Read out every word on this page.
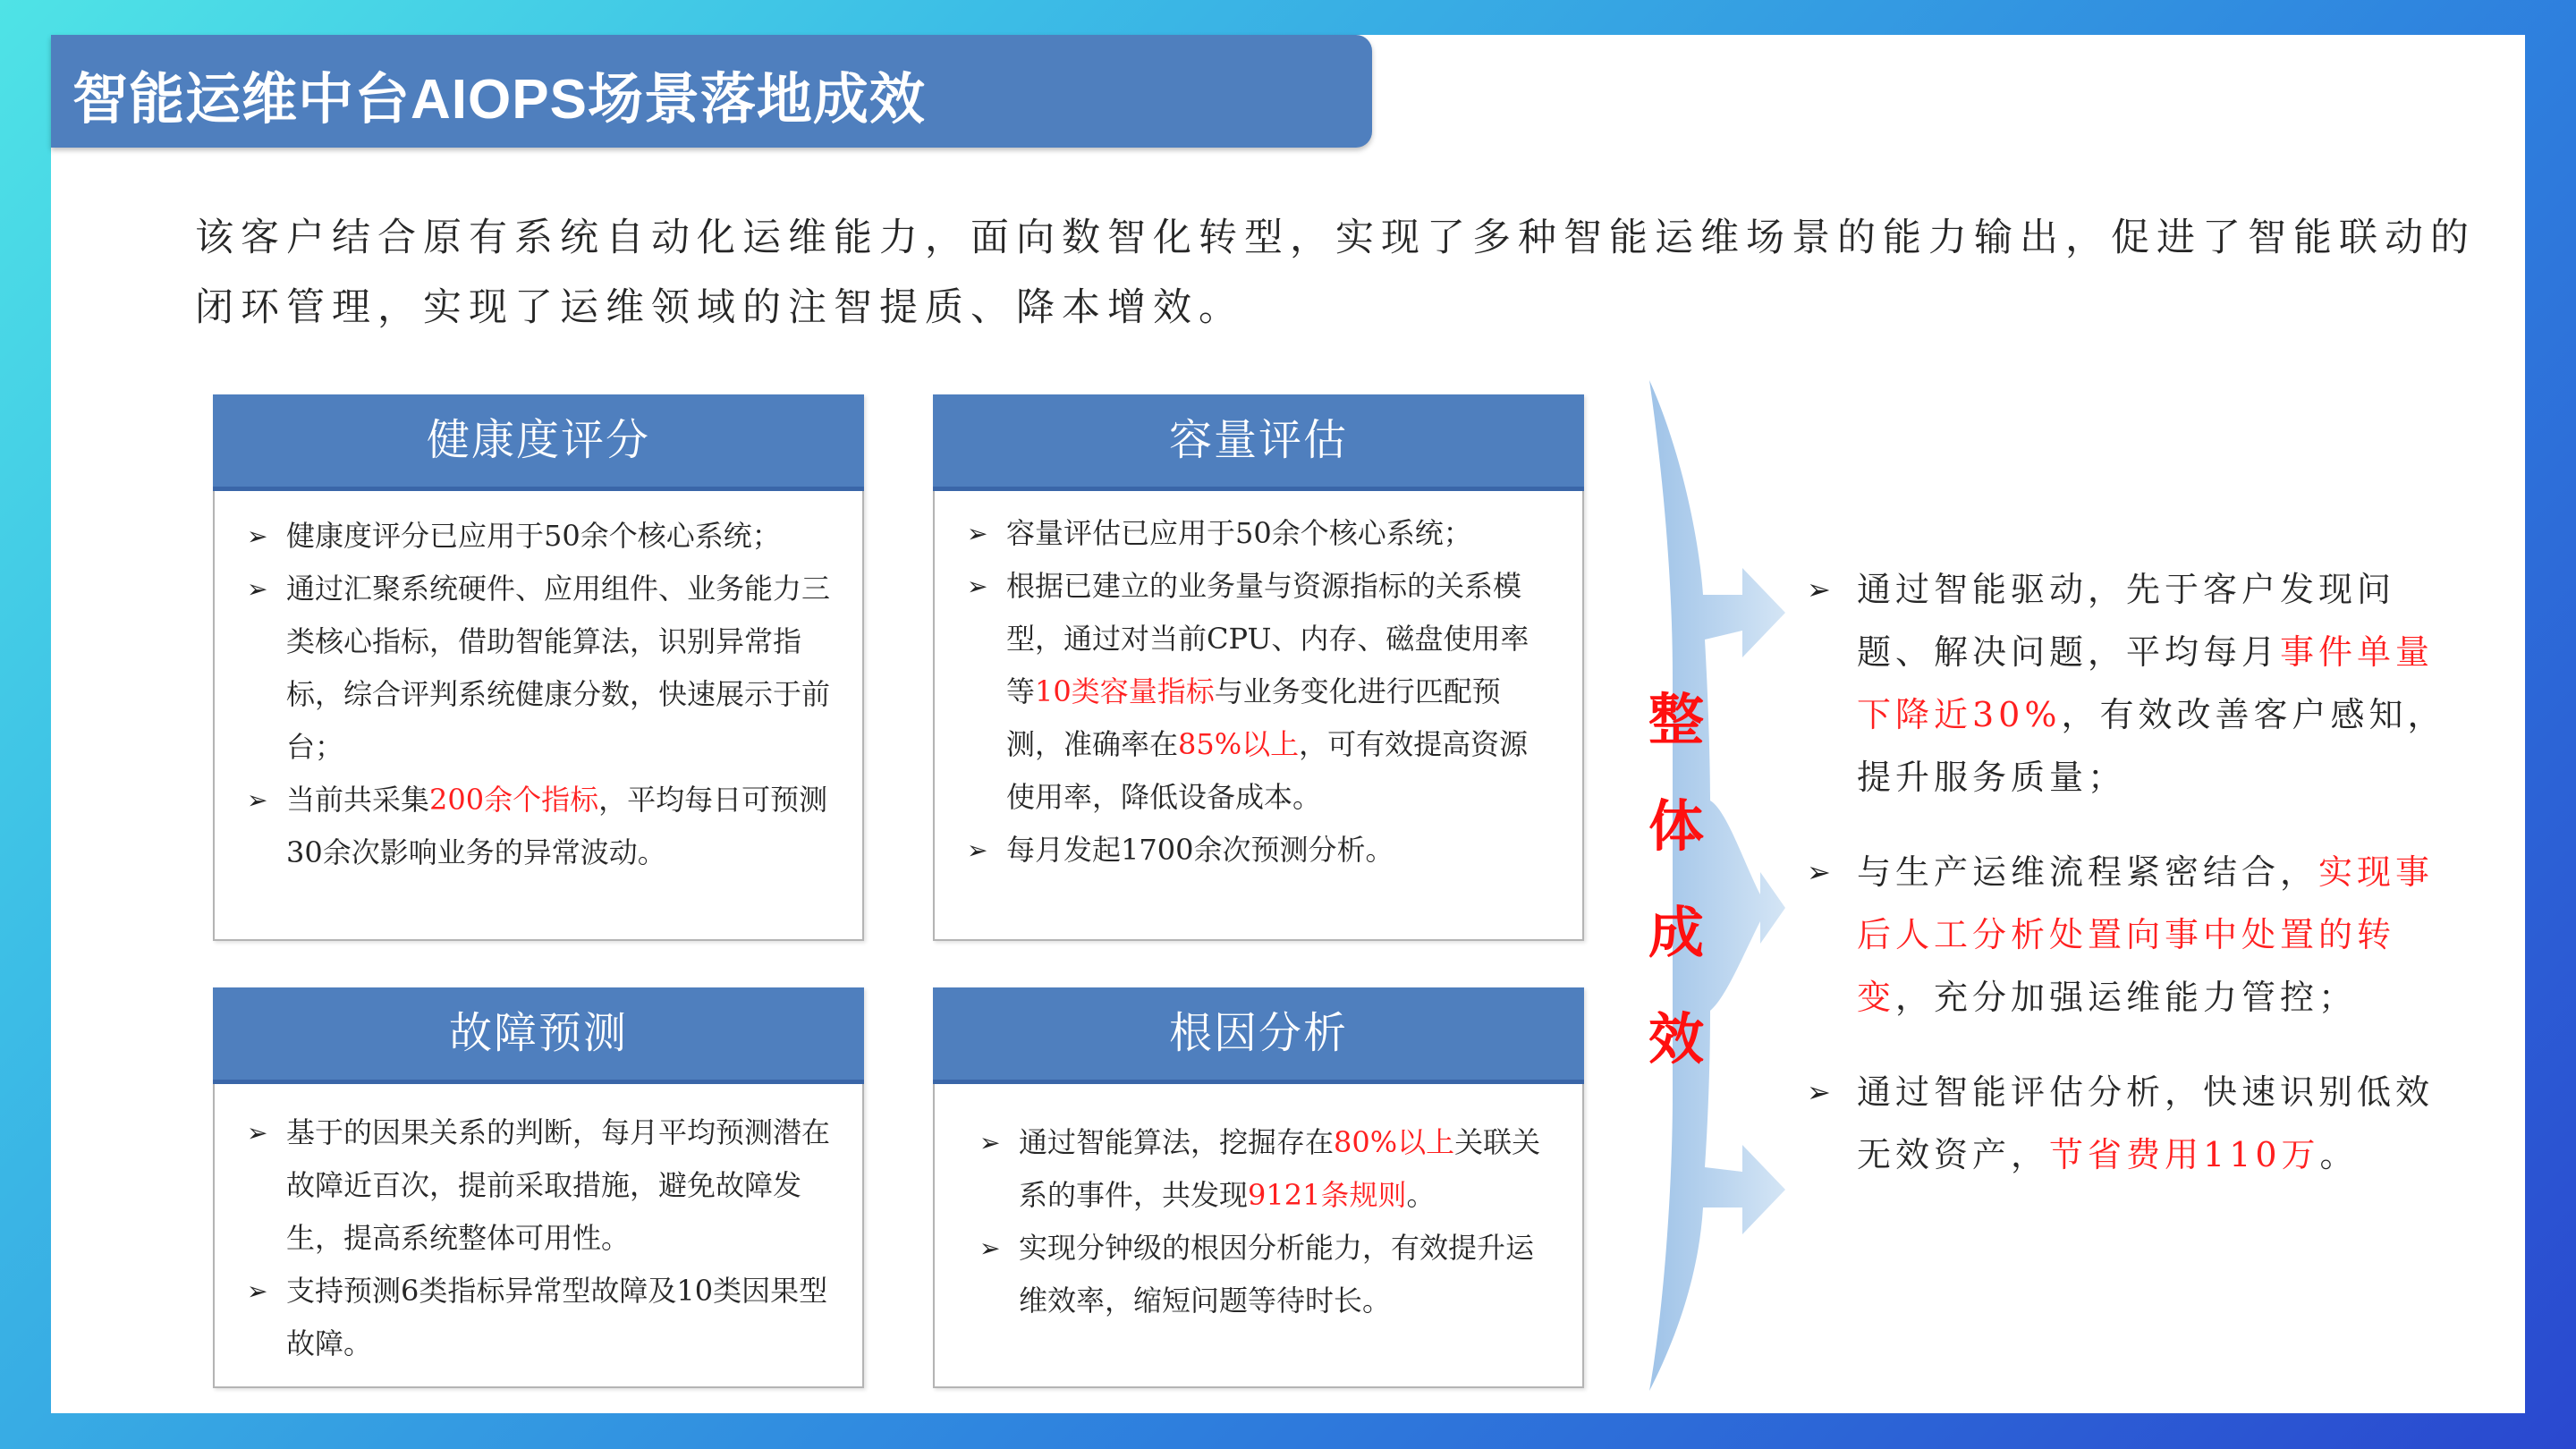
智能运维中台AIOPS场景落地成效

该客户结合原有系统自动化运维能力，面向数智化转型，实现了多种智能运维场景的能力输出，促进了智能联动的闭环管理，实现了运维领域的注智提质、降本增效。

健康度评分
➢ 健康度评分已应用于50余个核心系统；
➢ 通过汇聚系统硬件、应用组件、业务能力三类核心指标，借助智能算法，识别异常指标，综合评判系统健康分数，快速展示于前台；
➢ 当前共采集200余个指标，平均每日可预测30余次影响业务的异常波动。
容量评估
➢ 容量评估已应用于50余个核心系统；
➢ 根据已建立的业务量与资源指标的关系模型，通过对当前CPU、内存、磁盘使用率等10类容量指标与业务变化进行匹配预测，准确率在85%以上，可有效提高资源使用率，降低设备成本。
➢ 每月发起1700余次预测分析。
故障预测
➢ 基于的因果关系的判断，每月平均预测潜在故障近百次，提前采取措施，避免故障发生，提高系统整体可用性。
➢ 支持预测6类指标异常型故障及10类因果型故障。
根因分析
➢ 通过智能算法，挖掘存在80%以上关联关系的事件，共发现9121条规则。
➢ 实现分钟级的根因分析能力，有效提升运维效率，缩短问题等待时长。
整
体
成
效
➢ 通过智能驱动，先于客户发现问题、解决问题，平均每月事件单量下降近30%，有效改善客户感知，提升服务质量；
➢ 与生产运维流程紧密结合，实现事后人工分析处置向事中处置的转变，充分加强运维能力管控；
➢ 通过智能评估分析，快速识别低效无效资产，节省费用110万。
